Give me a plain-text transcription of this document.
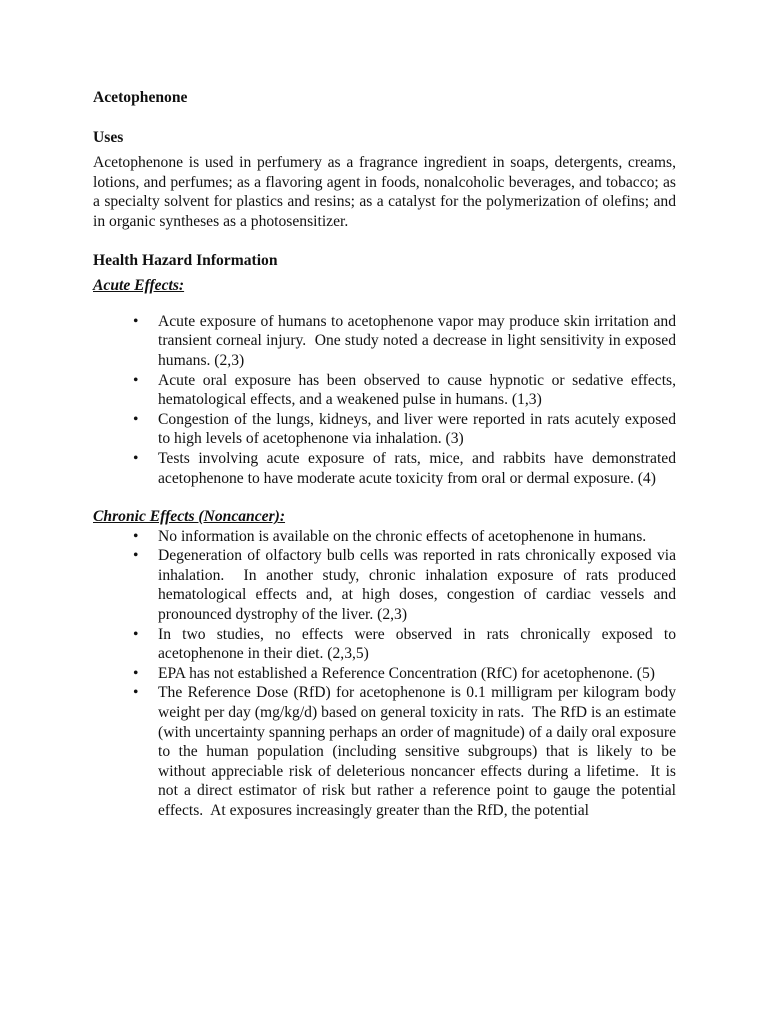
Acetophenone
Uses
Acetophenone is used in perfumery as a fragrance ingredient in soaps, detergents, creams, lotions, and perfumes; as a flavoring agent in foods, nonalcoholic beverages, and tobacco; as a specialty solvent for plastics and resins; as a catalyst for the polymerization of olefins; and in organic syntheses as a photosensitizer.
Health Hazard Information
Acute Effects:
• Acute exposure of humans to acetophenone vapor may produce skin irritation and transient corneal injury.  One study noted a decrease in light sensitivity in exposed humans. (2,3)
• Acute oral exposure has been observed to cause hypnotic or sedative effects, hematological effects, and a weakened pulse in humans. (1,3)
• Congestion of the lungs, kidneys, and liver were reported in rats acutely exposed to high levels of acetophenone via inhalation. (3)
• Tests involving acute exposure of rats, mice, and rabbits have demonstrated acetophenone to have moderate acute toxicity from oral or dermal exposure. (4)
Chronic Effects (Noncancer):
• No information is available on the chronic effects of acetophenone in humans.
• Degeneration of olfactory bulb cells was reported in rats chronically exposed via inhalation.  In another study, chronic inhalation exposure of rats produced hematological effects and, at high doses, congestion of cardiac vessels and pronounced dystrophy of the liver. (2,3)
• In two studies, no effects were observed in rats chronically exposed to acetophenone in their diet. (2,3,5)
• EPA has not established a Reference Concentration (RfC) for acetophenone. (5)
• The Reference Dose (RfD) for acetophenone is 0.1 milligram per kilogram body weight per day (mg/kg/d) based on general toxicity in rats.  The RfD is an estimate (with uncertainty spanning perhaps an order of magnitude) of a daily oral exposure to the human population (including sensitive subgroups) that is likely to be without appreciable risk of deleterious noncancer effects during a lifetime.  It is not a direct estimator of risk but rather a reference point to gauge the potential effects.  At exposures increasingly greater than the RfD, the potential
